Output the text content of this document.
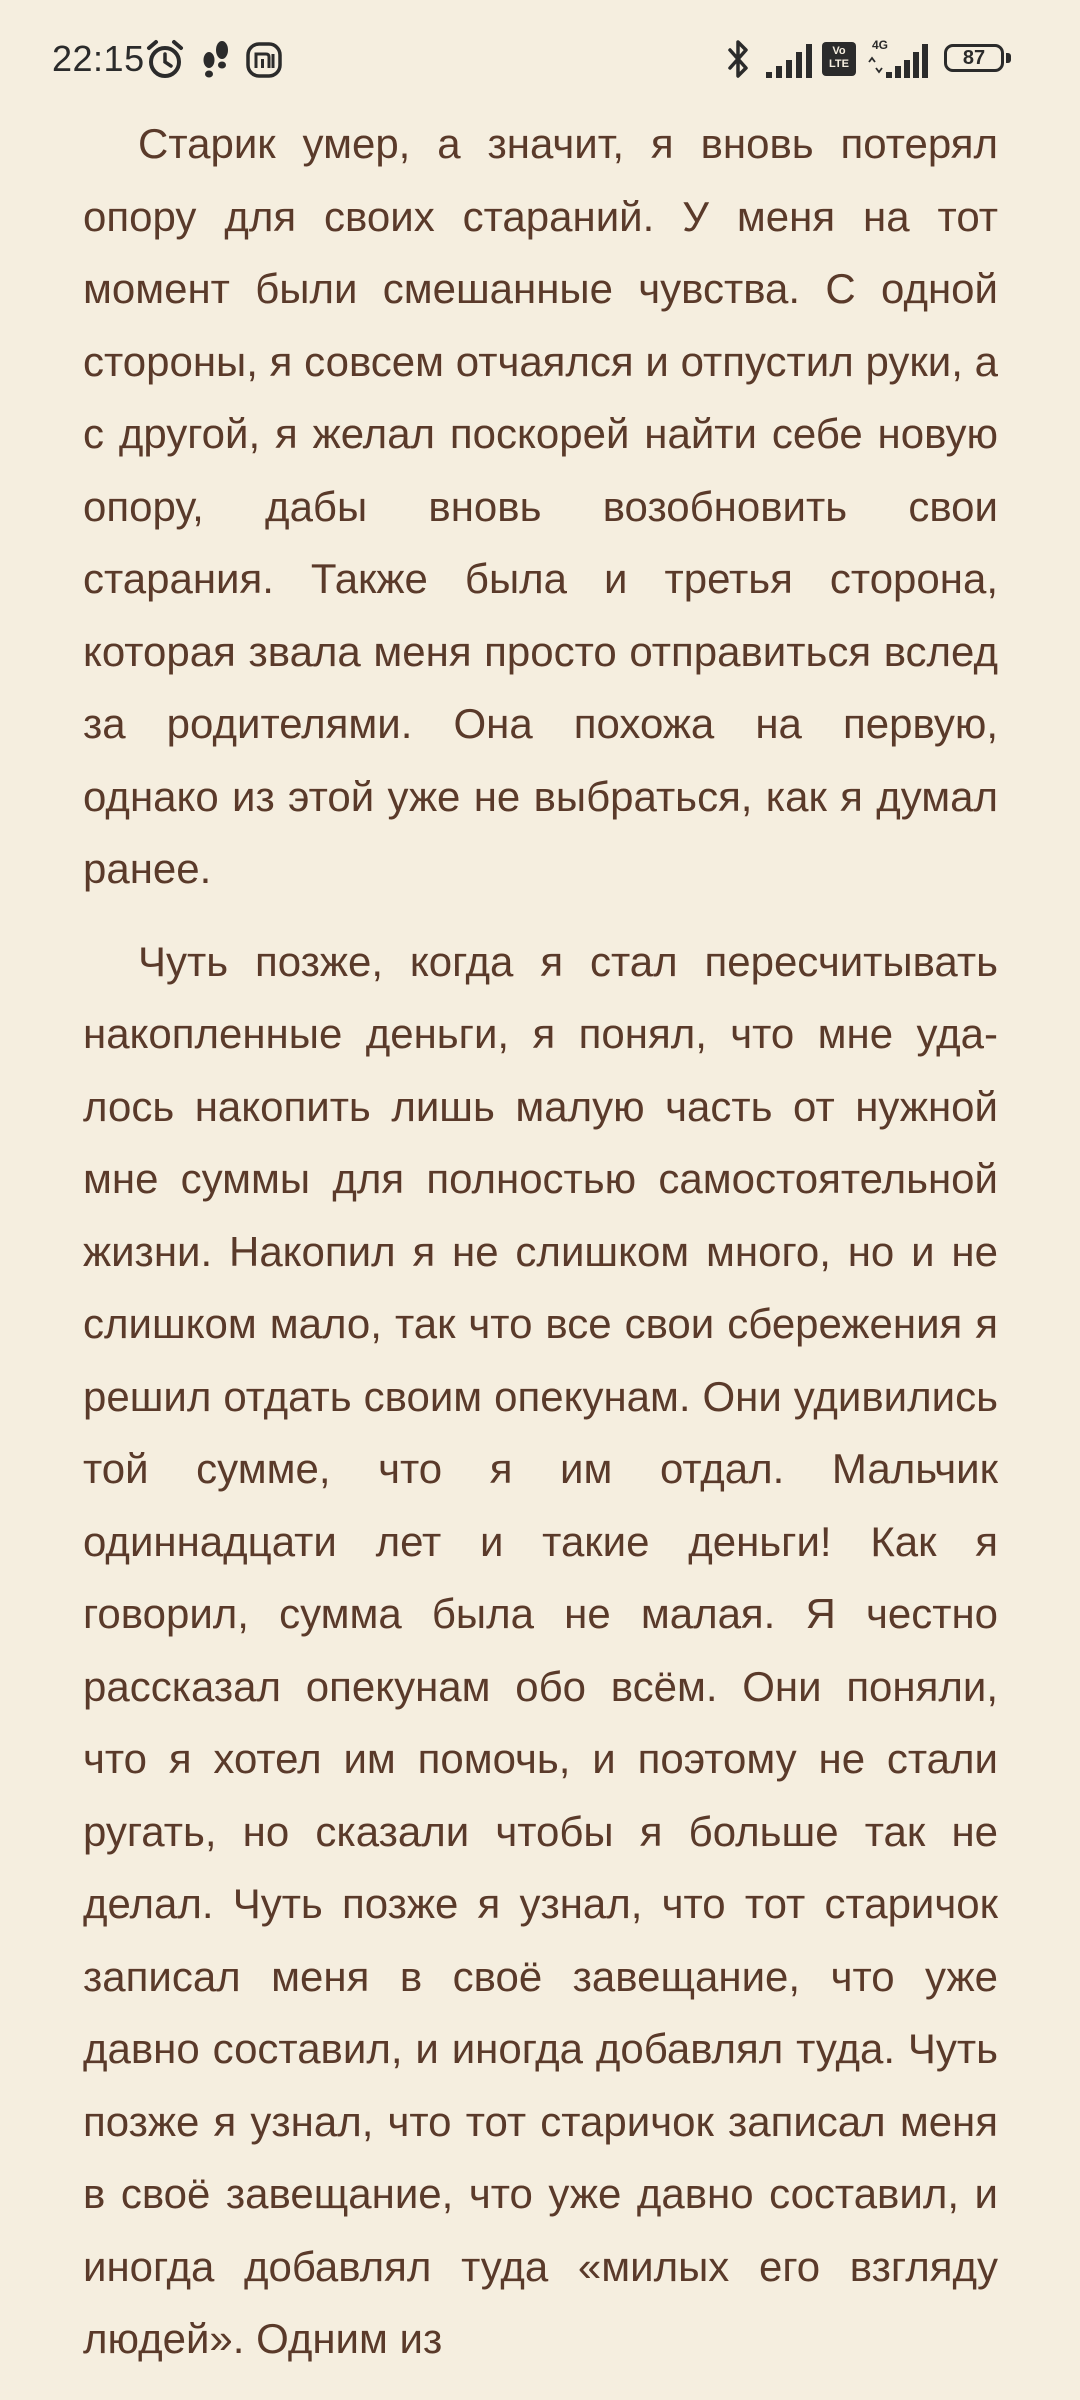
22:15	Vo LTE
4G
87

Старик умер, а значит, я вновь потерял опору для своих стараний. У меня на тот момент были смешанные чувства. С одной стороны, я совсем отчаялся и отпустил руки, а с другой, я желал поскорей найти себе новую опору, дабы вновь возобновить свои старания. Также была и третья сторона, которая звала меня просто отправиться вслед за родителями. Она похожа на первую, однако из этой уже не выбраться, как я думал ранее.

Чуть позже, когда я стал пересчитывать накопленные деньги, я понял, что мне удалось накопить лишь малую часть от нужной мне суммы для полностью самостоятельной жизни. Накопил я не слишком много, но и не слишком мало, так что все свои сбережения я решил отдать своим опекунам. Они удивились той сумме, что я им отдал. Мальчик одиннадцати лет и такие деньги! Как я говорил, сумма была не малая. Я честно рассказал опекунам обо всём. Они поняли, что я хотел им помочь, и поэтому не стали ругать, но сказали чтобы я больше так не делал. Чуть позже я узнал, что тот старичок записал меня в своё завещание, что уже давно составил, и иногда добавлял туда. Чуть позже я узнал, что тот старичок записал меня в своё завещание, что уже давно составил, и иногда добавлял туда «милых его взгляду людей». Одним из
